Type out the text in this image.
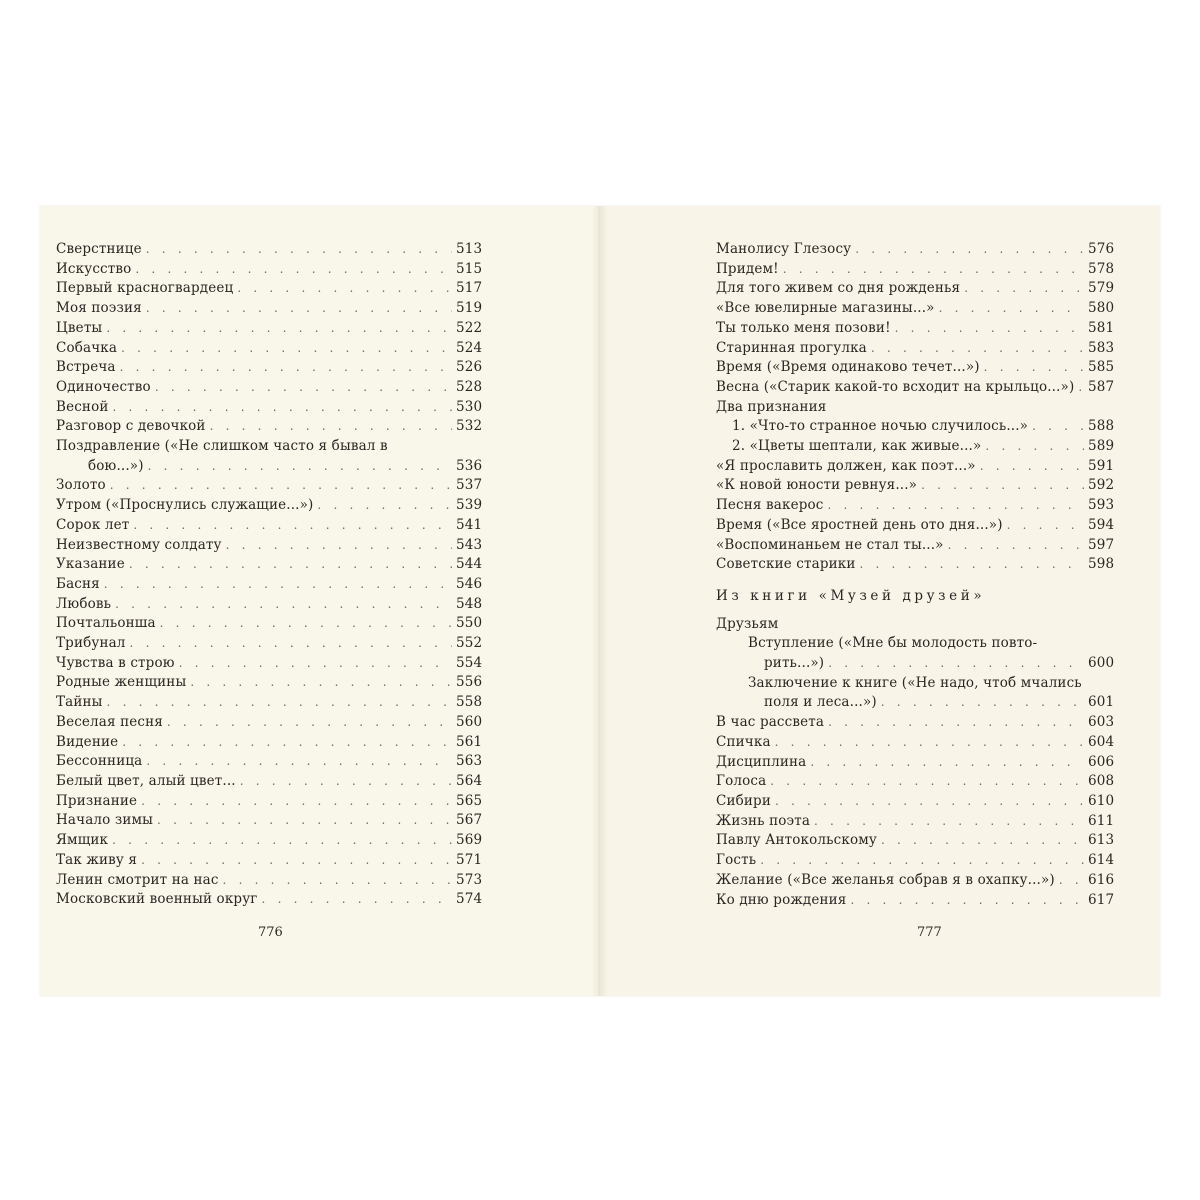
Сверстнице . . .	513
Искусство . . .	515
Первый красногвардеец . . .	517
Моя поэзия . . .	519
Цветы . . .	522
Собачка . . .	524
Встреча . . .	526
Одиночество . . .	528
Весной . . .	530
Разговор с девочкой . . .	532
Поздравление («Не слишком часто я бывал в
бою...») . . .	536
Золото . . .	537
Утром («Проснулись служащие...») . . .	539
Сорок лет . . .	541
Неизвестному солдату . . .	543
Указание . . .	544
Басня . . .	546
Любовь . . .	548
Почтальонша . . .	550
Трибунал . . .	552
Чувства в строю . . .	554
Родные женщины . . .	556
Тайны . . .	558
Веселая песня . . .	560
Видение . . .	561
Бессонница . . .	563
Белый цвет, алый цвет... . . .	564
Признание . . .	565
Начало зимы . . .	567
Ямщик . . .	569
Так живу я . . .	571
Ленин смотрит на нас . . .	573
Московский военный округ . . .	574
Манолису Глезосу . . .	576
Придем! . . .	578
Для того живем со дня рожденья . . .	579
«Все ювелирные магазины...» . . .	580
Ты только меня позови! . . .	581
Старинная прогулка . . .	583
Время («Время одинаково течет...») . . .	585
Весна («Старик какой-то всходит на крыльцо...») . . . 587
Два признания
1. «Что-то странное ночью случилось...» . . .	588
2. «Цветы шептали, как живые...» . . .	589
«Я прославить должен, как поэт...» . . .	591
«К новой юности ревнуя...» . . .	592
Песня вакерос . . .	593
Время («Все яростней день ото дня...») . . .	594
«Воспоминаньем не стал ты...» . . .	597
Советские старики . . .	598
Из книги «Музей друзей»
Друзьям
Вступление («Мне бы молодость повто-
рить...») . . .	600
Заключение к книге («Не надо, чтоб мчались
поля и леса...») . . .	601
В час рассвета . . .	603
Спичка . . .	604
Дисциплина . . .	606
Голоса . . .	608
Сибири . . .	610
Жизнь поэта . . .	611
Павлу Антокольскому . . .	613
Гость . . .	614
Желание («Все желанья собрав я в охапку...») . . . 616
Ко дню рождения . . .	617
776	777
